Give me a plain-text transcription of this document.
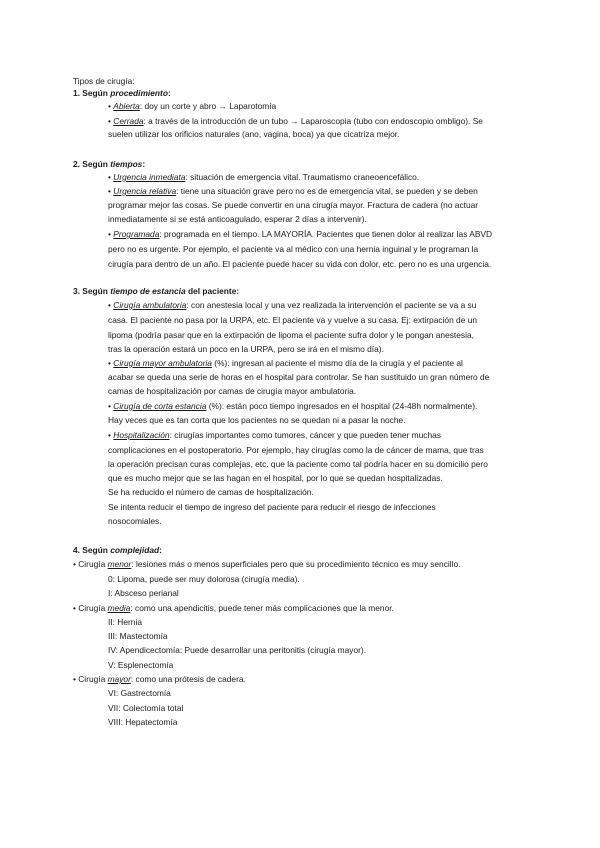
Tipos de cirugía:
1. Según procedimiento:
• Abierta: doy un corte y abro → Laparotomía
• Cerrada: a través de la introducción de un tubo → Laparoscopia (tubo con endoscopio ombligo). Se
suelen utilizar los orificios naturales (ano, vagina, boca) ya que cicatriza mejor.
2. Según tiempos:
• Urgencia inmediata: situación de emergencia vital. Traumatismo craneoencefálico.
• Urgencia relativa: tiene una situación grave pero no es de emergencia vital, se pueden y se deben
programar mejor las cosas. Se puede convertir en una cirugía mayor. Fractura de cadera (no actuar
inmediatamente si se está anticoagulado, esperar 2 días a intervenir).
• Programada: programada en el tiempo. LA MAYORÍA. Pacientes que tienen dolor al realizar las ABVD
pero no es urgente. Por ejemplo, el paciente va al médico con una hernia inguinal y le programan la
cirugía para dentro de un año. El paciente puede hacer su vida con dolor, etc. pero no es una urgencia.
3. Según tiempo de estancia del paciente:
• Cirugía ambulatoria: con anestesia local y una vez realizada la intervención el paciente se va a su
casa. El paciente no pasa por la URPA, etc. El paciente va y vuelve a su casa. Ej: extirpación de un
lipoma (podría pasar que en la extirpación de lipoma el paciente sufra dolor y le pongan anestesia,
tras la operación estará un poco en la URPA, pero se irá en el mismo día).
• Cirugía mayor ambulatoria (%): ingresan al paciente el mismo día de la cirugía y el paciente al
acabar se queda una serie de horas en el hospital para controlar. Se han sustituido un gran número de
camas de hospitalización por camas de cirugía mayor ambulatoria.
• Cirugía de corta estancia (%): están poco tiempo ingresados en el hospital (24-48h normalmente).
Hay veces que es tan corta que los pacientes no se quedan ni a pasar la noche.
• Hospitalización: cirugías importantes como tumores, cáncer y que pueden tener muchas
complicaciones en el postoperatorio. Por ejemplo, hay cirugías como la de cáncer de mama, que tras
la operación precisan curas complejas, etc. que la paciente como tal podría hacer en su domicilio pero
que es mucho mejor que se las hagan en el hospital, por lo que se quedan hospitalizadas.
Se ha reducido el número de camas de hospitalización.
Se intenta reducir el tiempo de ingreso del paciente para reducir el riesgo de infecciones
nosocomiales.
4. Según complejidad:
• Cirugía menor: lesiones más o menos superficiales pero que su procedimiento técnico es muy sencillo.
0: Lipoma, puede ser muy dolorosa (cirugía media).
I: Absceso perianal
• Cirugía media: como una apendicitis, puede tener más complicaciones que la menor.
II: Hernia
III: Mastectomía
IV: Apendicectomía: Puede desarrollar una peritonitis (cirugía mayor).
V: Esplenectomía
• Cirugía mayor: como una prótesis de cadera.
VI: Gastrectomía
VII: Colectomía total
VIII: Hepatectomía
